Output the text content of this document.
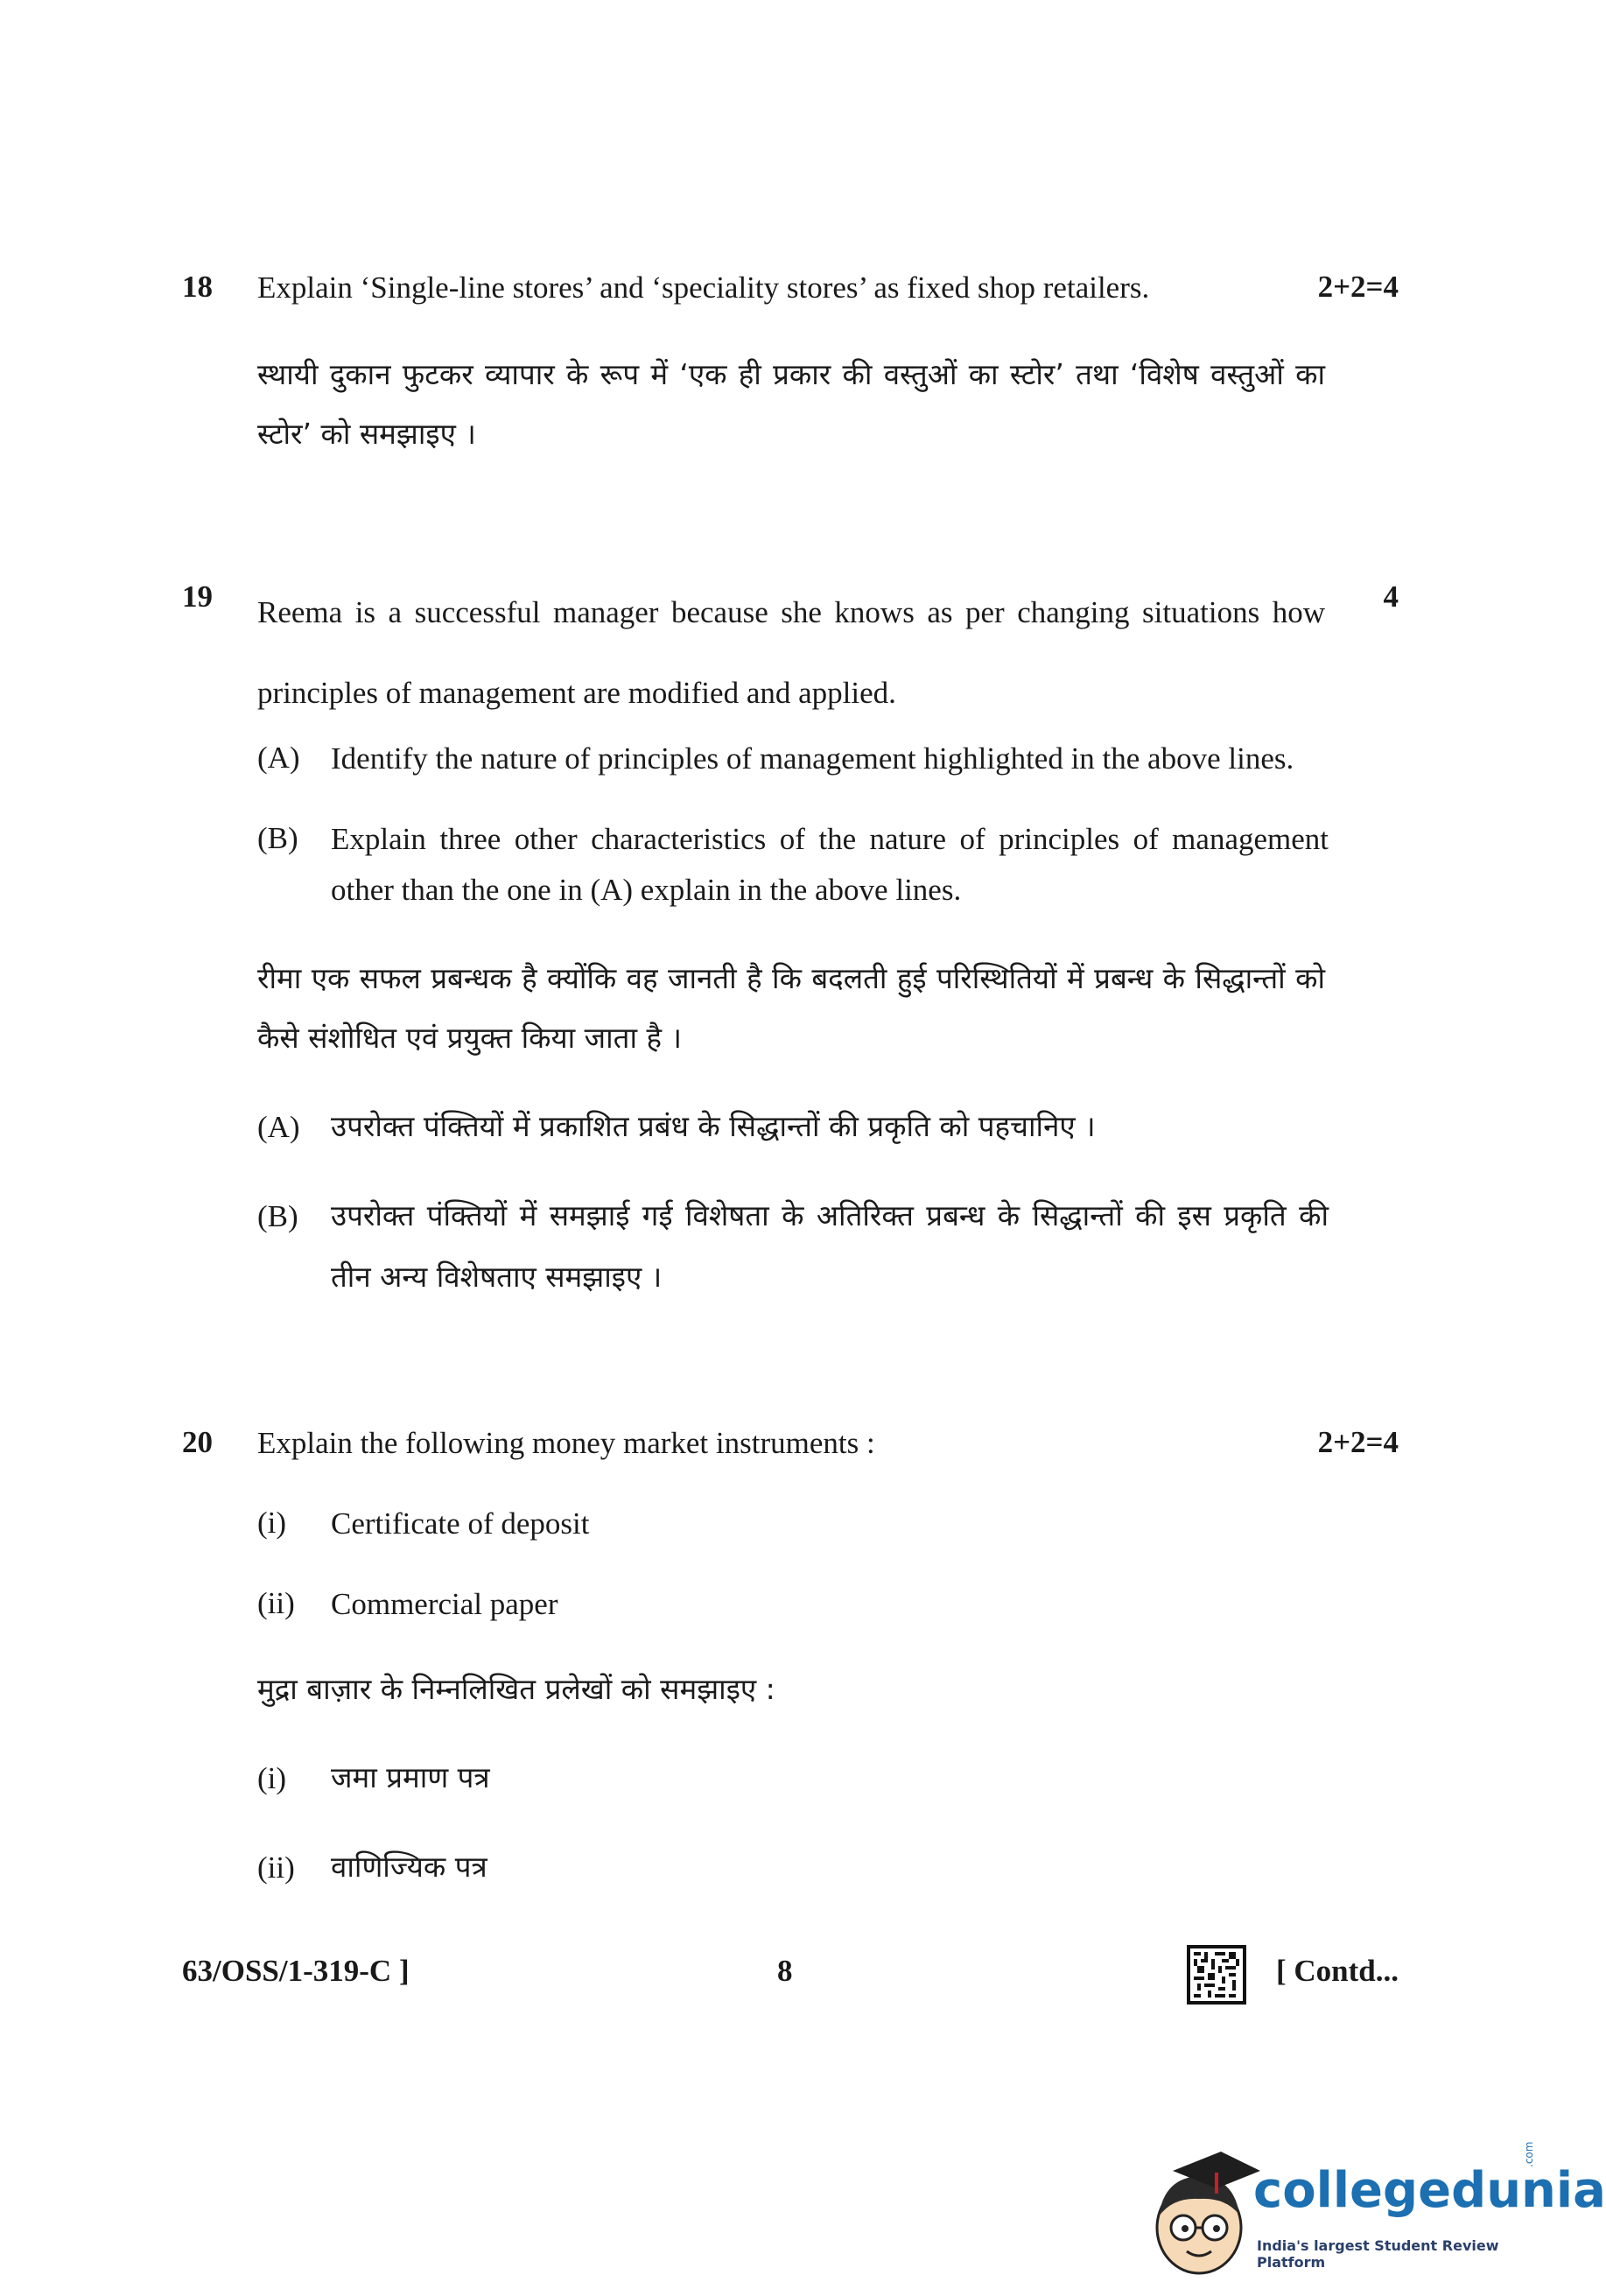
18 Explain ‘Single-line stores’ and ‘speciality stores’ as fixed shop retailers.	2+2=4
स्थायी दुकान फुटकर व्यापार के रूप में ‘एक ही प्रकार की वस्तुओं का स्टोर’ तथा ‘विशेष वस्तुओं का स्टोर’ को समझाइए ।
19 Reema is a successful manager because she knows as per changing situations how principles of management are modified and applied.
4
(A) Identify the nature of principles of management highlighted in the above lines.
(B) Explain three other characteristics of the nature of principles of management other than the one in (A) explain in the above lines.
रीमा एक सफल प्रबन्धक है क्योंकि वह जानती है कि बदलती हुई परिस्थितियों में प्रबन्ध के सिद्धान्तों को कैसे संशोधित एवं प्रयुक्त किया जाता है ।
(A) उपरोक्त पंक्तियों में प्रकाशित प्रबंध के सिद्धान्तों की प्रकृति को पहचानिए ।
(B) उपरोक्त पंक्तियों में समझाई गई विशेषता के अतिरिक्त प्रबन्ध के सिद्धान्तों की इस प्रकृति की तीन अन्य विशेषताए समझाइए ।
20 Explain the following money market instruments :	2+2=4
(i) Certificate of deposit
(ii) Commercial paper
मुद्रा बाज़ार के निम्नलिखित प्रलेखों को समझाइए :
(i) जमा प्रमाण पत्र
(ii) वाणिज्यिक पत्र
63/OSS/1-319-C ]	8	[ Contd...
collegedunia
.com
India's largest Student Review Platform
